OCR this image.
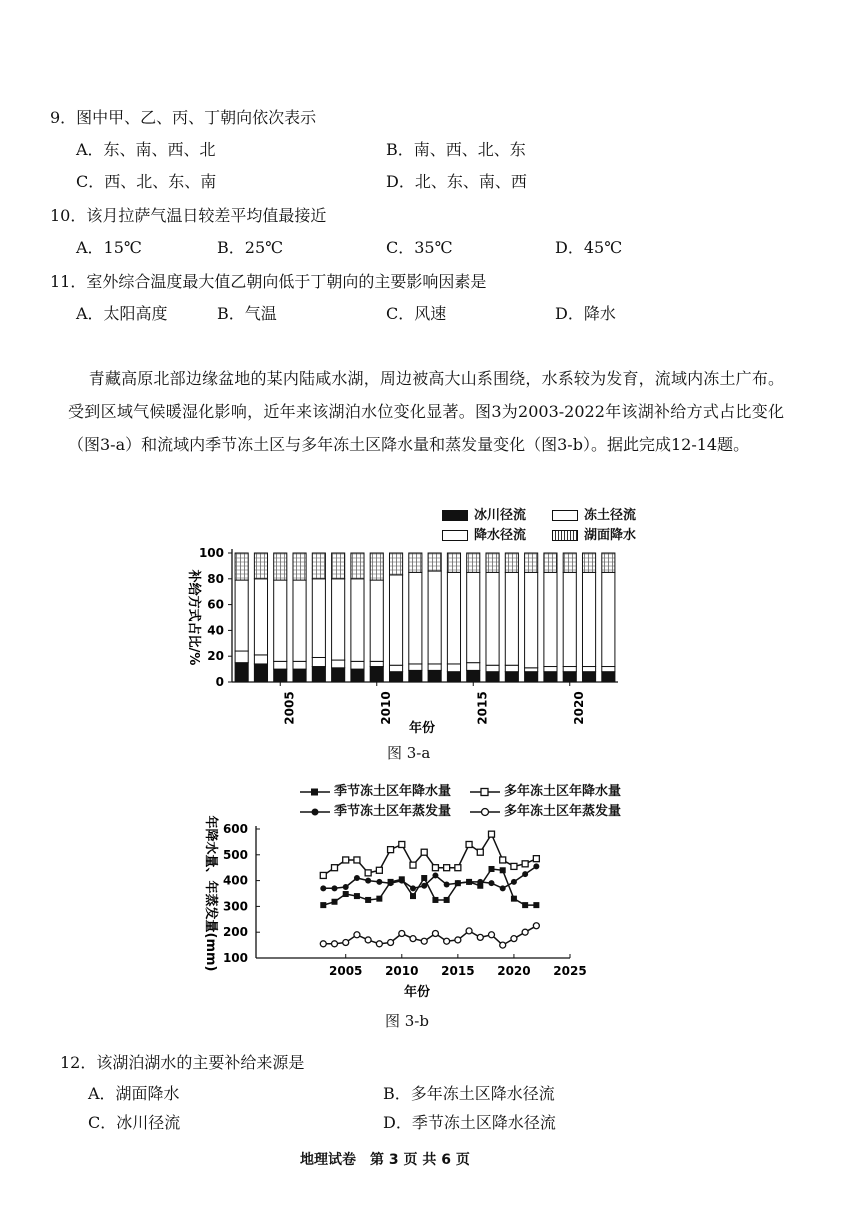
9．图中甲、乙、丙、丁朝向依次表示
A．东、南、西、北	B．南、西、北、东
C．西、北、东、南	D．北、东、南、西
10．该月拉萨气温日较差平均值最接近
A．15℃	B．25℃	C．35℃	D．45℃
11．室外综合温度最大值乙朝向低于丁朝向的主要影响因素是
A．太阳高度	B．气温	C．风速	D．降水
青藏高原北部边缘盆地的某内陆咸水湖，周边被高大山系围绕，水系较为发育，流域内冻土广布。受到区域气候暖湿化影响，近年来该湖泊水位变化显著。图3为2003-2022年该湖补给方式占比变化（图3-a）和流域内季节冻土区与多年冻土区降水量和蒸发量变化（图3-b）。据此完成12-14题。
冰川径流	冻土径流
降水径流	湖面降水
0
20
40
60
80
100
2005	2010	2015	2020
年份
补给方式占比/%
100
200
300
400
500
600
2005 2010 2015 2020 2025
年份
年降水量、年蒸发量(mm)
图 3-a
季节冻土区年降水量	多年冻土区年降水量
季节冻土区年蒸发量	多年冻土区年蒸发量
图 3-b
12．该湖泊湖水的主要补给来源是
A．湖面降水	B．多年冻土区降水径流
C．冰川径流	D．季节冻土区降水径流
地理试卷　第 3 页 共 6 页
